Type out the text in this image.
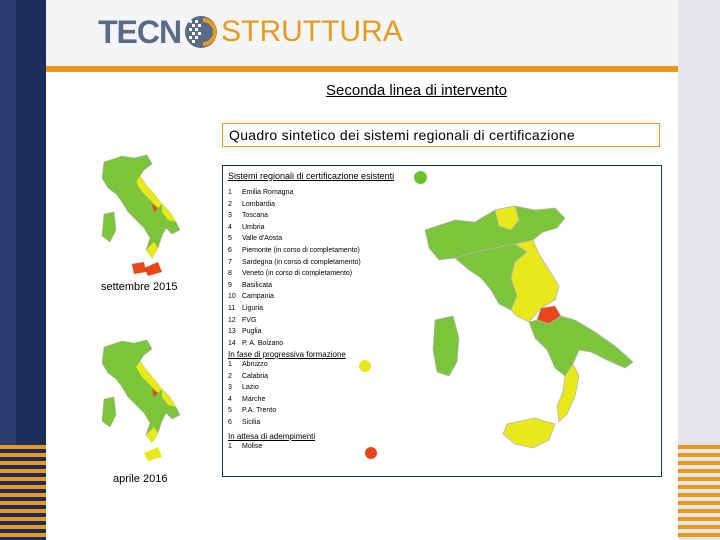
TECN STRUTTURA
Seconda linea di intervento
Quadro sintetico dei sistemi regionali di certificazione
settembre 2015
aprile 2016
Sistemi regionali di certificazione esistenti
1	Emilia Romagna
2	Lombardia
3	Toscana
4	Umbria
5	Valle d'Aosta
6	Piemonte (in corso di completamento)
7	Sardegna (in corso di completamento)
8	Veneto (in corso di completamento)
9	Basilicata
10 Campania
11 Liguria
12 FVG
13 Puglia
14 P. A. Bolzano
In fase di progressiva formazione
1	Abruzzo
2	Calabria
3	Lazio
4	Marche
5	P.A. Trento
6	Sicilia
In attesa di adempimenti
1	Molise
